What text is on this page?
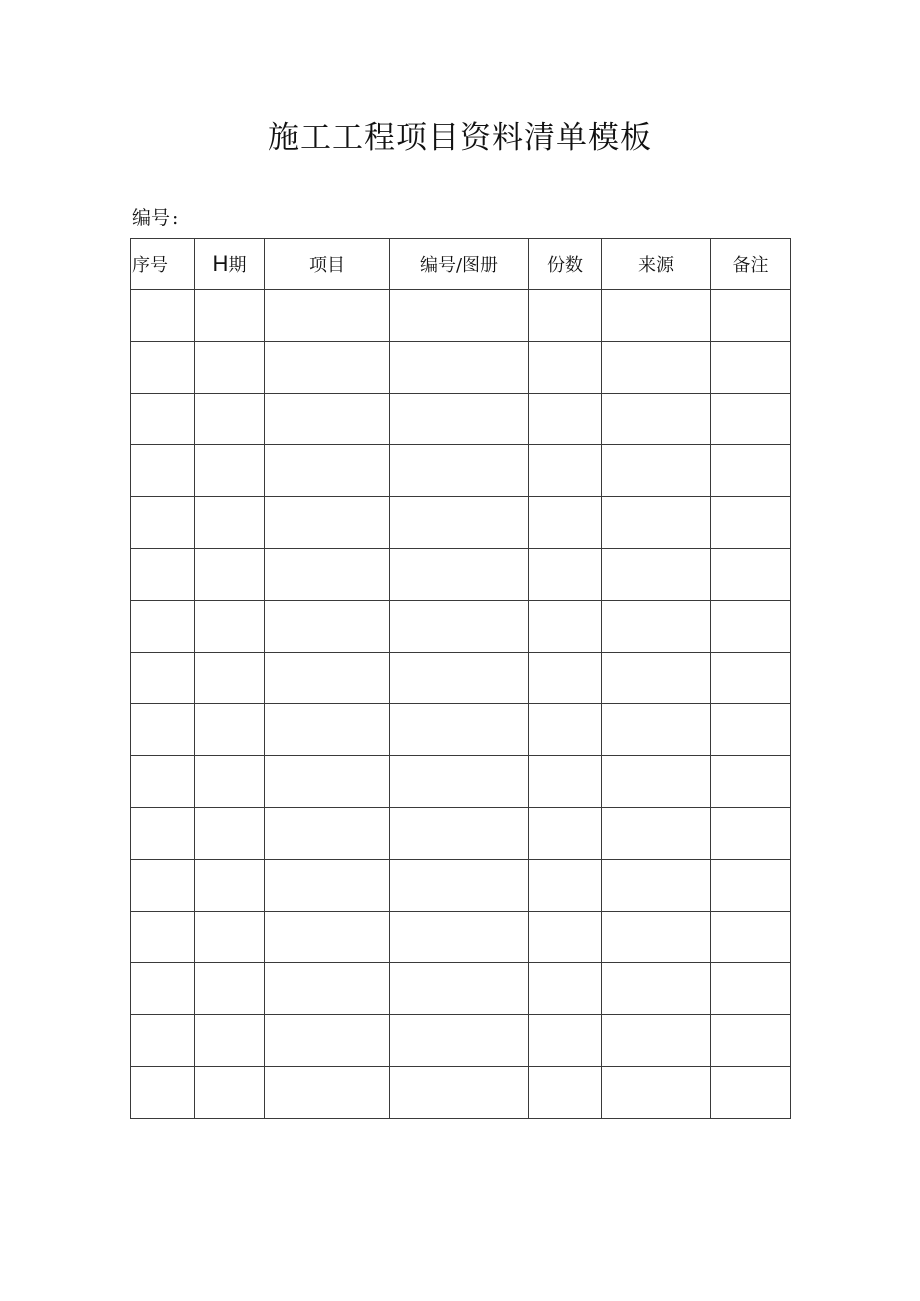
施工工程项目资料清单模板
编号 :
序号	H期	项目	编号/图册	份数	来源	备注
